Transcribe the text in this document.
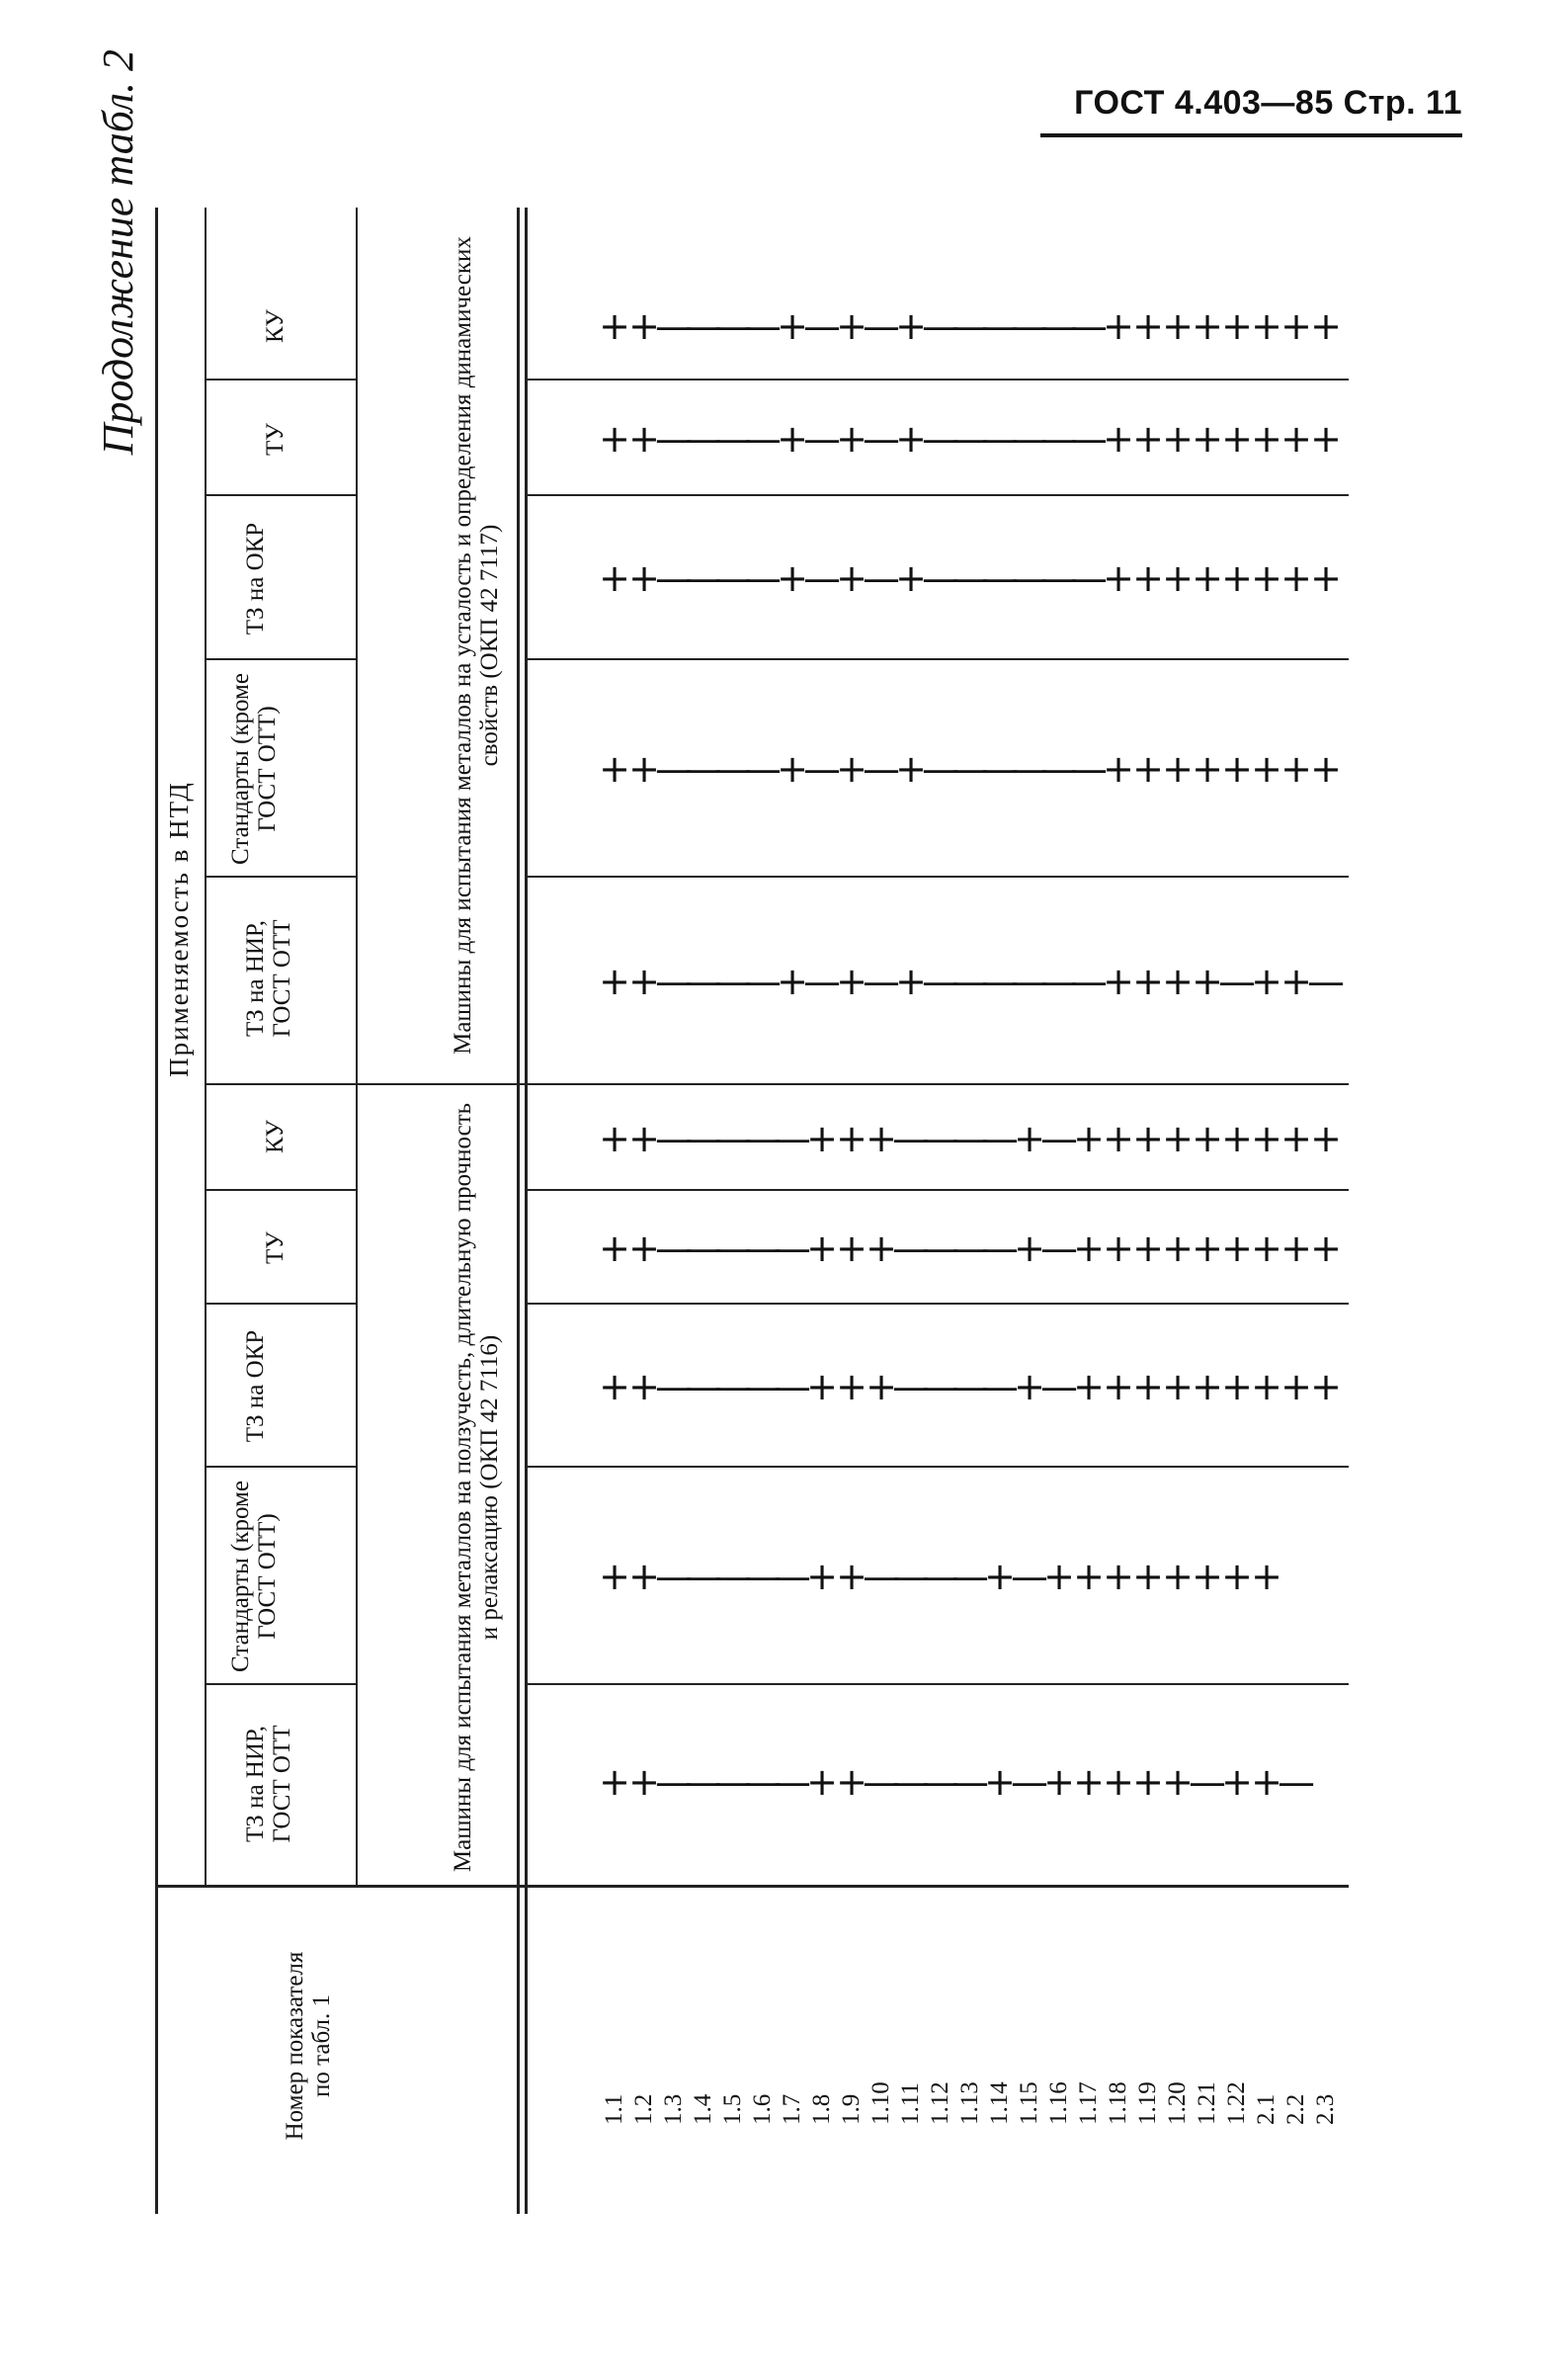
ГОСТ 4.403—85 Стр. 11
Продолжение табл. 2
Номер показателя по табл. 1
Применяемость в НТД
ТЗ на НИР, ГОСТ ОТТ
Стандарты (кроме ГОСТ ОТТ)
ТЗ на ОКР
ТУ
КУ
ТЗ на НИР, ГОСТ ОТТ
Стандарты (кроме ГОСТ ОТТ)
ТЗ на ОКР
ТУ
КУ
Машины для испытания металлов на ползучесть, длительную прочность и релаксацию (ОКП 42 7116)
Машины для испытания металлов на усталость и определения динамических свойств (ОКП 42 7117)
1.1 1.2 1.3 1.4 1.5 1.6 1.7 1.8 1.9 1.10 1.11 1.12 1.13 1.14 1.15 1.16 1.17 1.18 1.19 1.20 1.21 1.22 2.1 2.2 2.3
+
+
—
—
—
—
—
+
+
—
—
—
—
+
—
+
+
+
+
+
—
+
+
—
+
+
—
—
—
—
—
+
+
—
—
—
—
+
—
+
+
+
+
+
+
+
+
+
+
—
—
—
—
—
+
+
+
—
—
—
—
+
—
+
+
+
+
+
+
+
+
+
+
+
—
—
—
—
—
+
+
+
—
—
—
—
+
—
+
+
+
+
+
+
+
+
+
+
+
—
—
—
—
—
+
+
+
—
—
—
—
+
—
+
+
+
+
+
+
+
+
+
+
+
—
—
—
—
+
—
+
—
+
—
—
—
—
—
—
+
+
+
+
—
+
+
—
+
+
—
—
—
—
+
—
+
—
+
—
—
—
—
—
—
+
+
+
+
+
+
+
+
+
+
—
—
—
—
+
—
+
—
+
—
—
—
—
—
—
+
+
+
+
+
+
+
+
+
+
—
—
—
—
+
—
+
—
+
—
—
—
—
—
—
+
+
+
+
+
+
+
+
+
+
—
—
—
—
+
—
+
—
+
—
—
—
—
—
—
+
+
+
+
+
+
+
+
